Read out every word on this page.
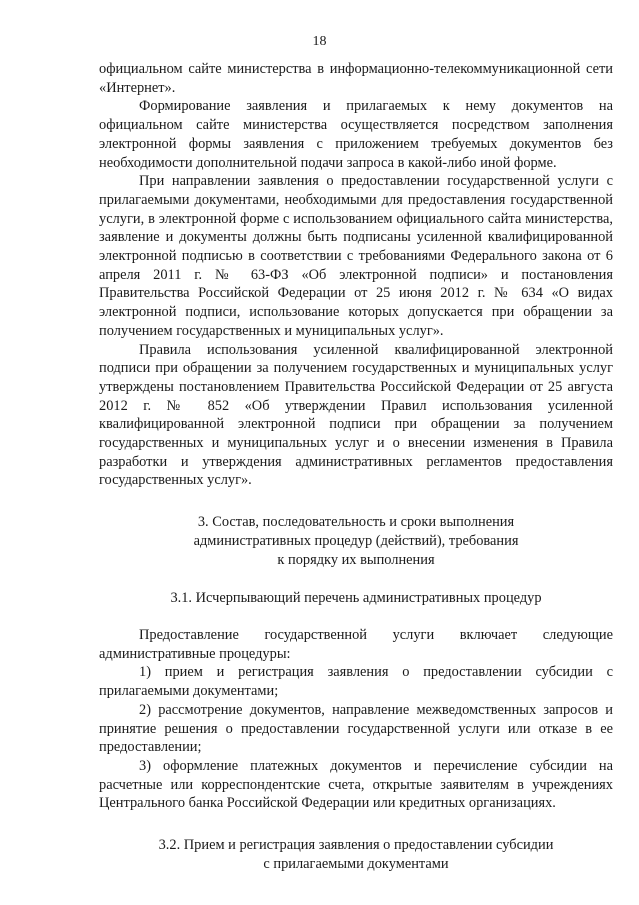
18

официальном сайте министерства в информационно-телекоммуникационной сети «Интернет».

Формирование заявления и прилагаемых к нему документов на официальном сайте министерства осуществляется посредством заполнения электронной формы заявления с приложением требуемых документов без необходимости дополнительной подачи запроса в какой-либо иной форме.

При направлении заявления о предоставлении государственной услуги с прилагаемыми документами, необходимыми для предоставления государственной услуги, в электронной форме с использованием официального сайта министерства, заявление и документы должны быть подписаны усиленной квалифицированной электронной подписью в соответствии с требованиями Федерального закона от 6 апреля 2011 г. № 63-ФЗ «Об электронной подписи» и постановления Правительства Российской Федерации от 25 июня 2012 г. № 634 «О видах электронной подписи, использование которых допускается при обращении за получением государственных и муниципальных услуг».

Правила использования усиленной квалифицированной электронной подписи при обращении за получением государственных и муниципальных услуг утверждены постановлением Правительства Российской Федерации от 25 августа 2012 г. № 852 «Об утверждении Правил использования усиленной квалифицированной электронной подписи при обращении за получением государственных и муниципальных услуг и о внесении изменения в Правила разработки и утверждения административных регламентов предоставления государственных услуг».

3. Состав, последовательность и сроки выполнения

административных процедур (действий), требования

к порядку их выполнения

3.1. Исчерпывающий перечень административных процедур

Предоставление государственной услуги включает следующие административные процедуры:

1) прием и регистрация заявления о предоставлении субсидии с прилагаемыми документами;

2) рассмотрение документов, направление межведомственных запросов и принятие решения о предоставлении государственной услуги или отказе в ее предоставлении;

3) оформление платежных документов и перечисление субсидии на расчетные или корреспондентские счета, открытые заявителям в учреждениях Центрального банка Российской Федерации или кредитных организациях.

3.2. Прием и регистрация заявления о предоставлении субсидии

с прилагаемыми документами
